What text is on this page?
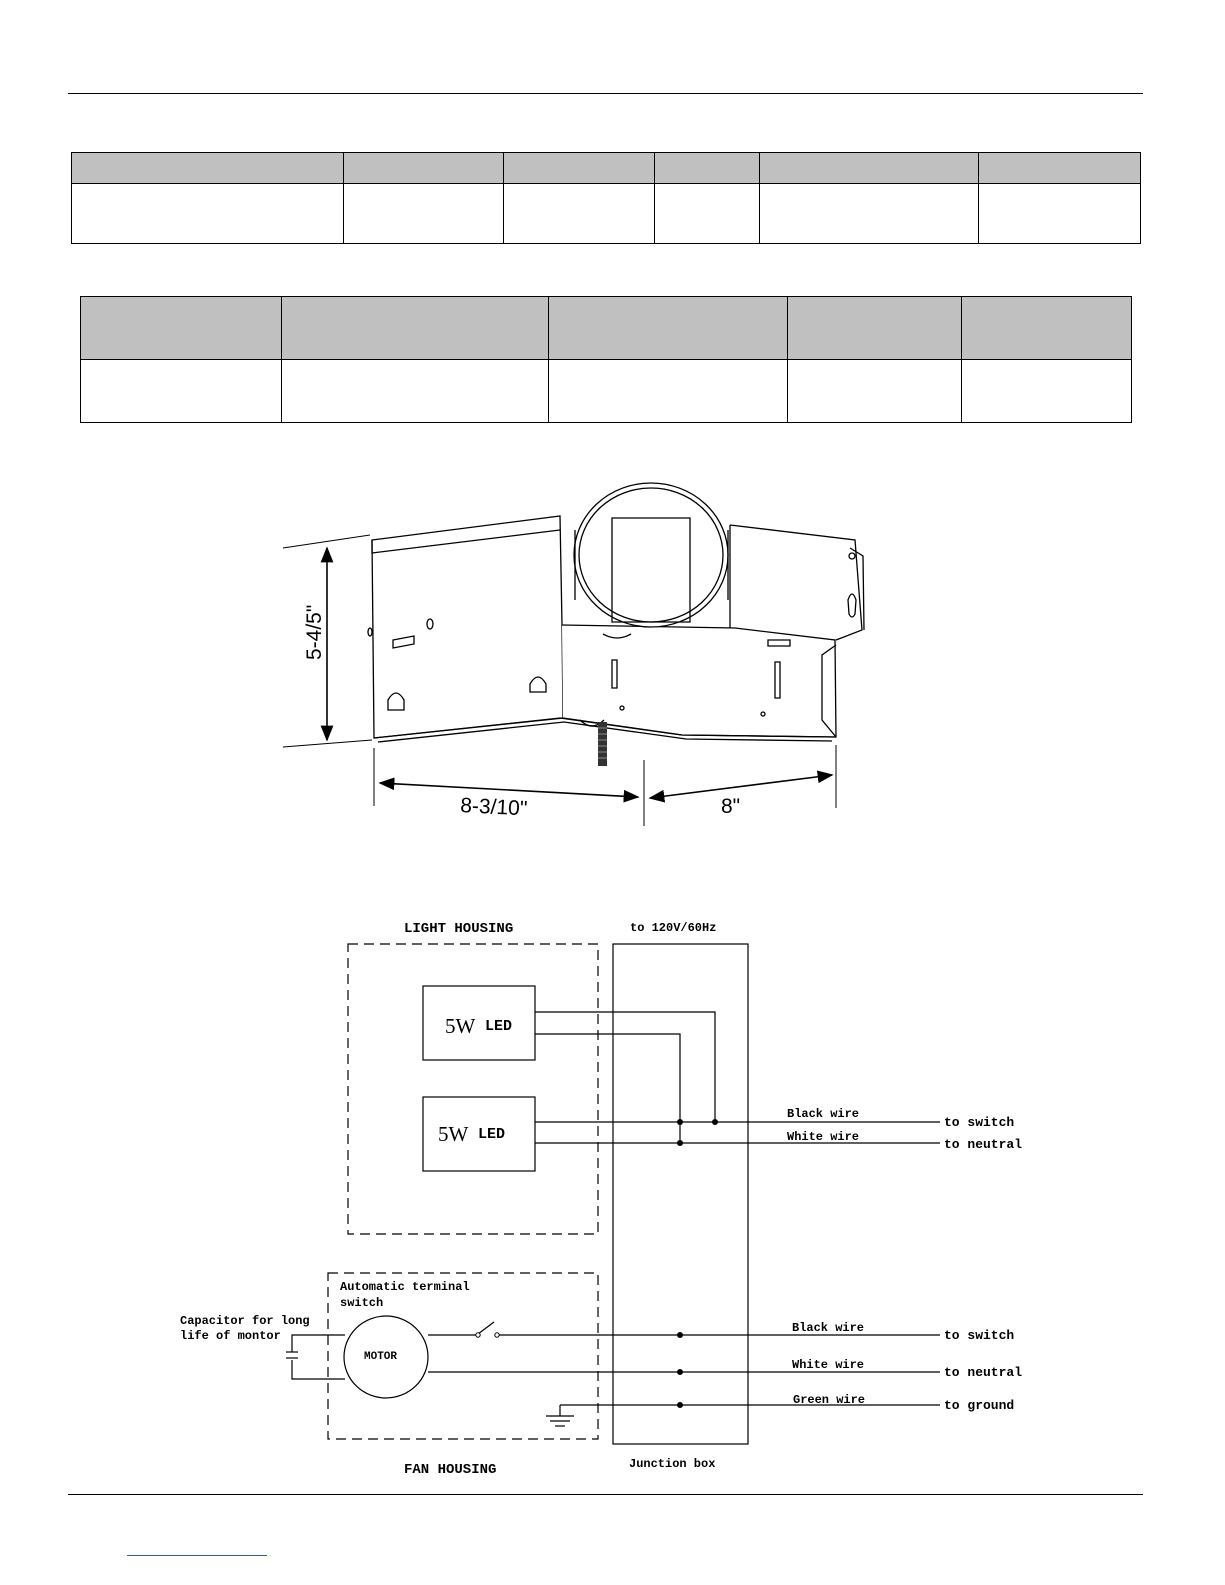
5-4/5"
8-3/10"	8"
LIGHT HOUSING	to 120V/60Hz
5W LED
5W LED
Black wire
White wire
to switch
to neutral
Automatic terminal
switch
Capacitor for long
life of montor
MOTOR
Black wire
White wire
Green wire
to switch
to neutral
to ground
FAN HOUSING	Junction box
